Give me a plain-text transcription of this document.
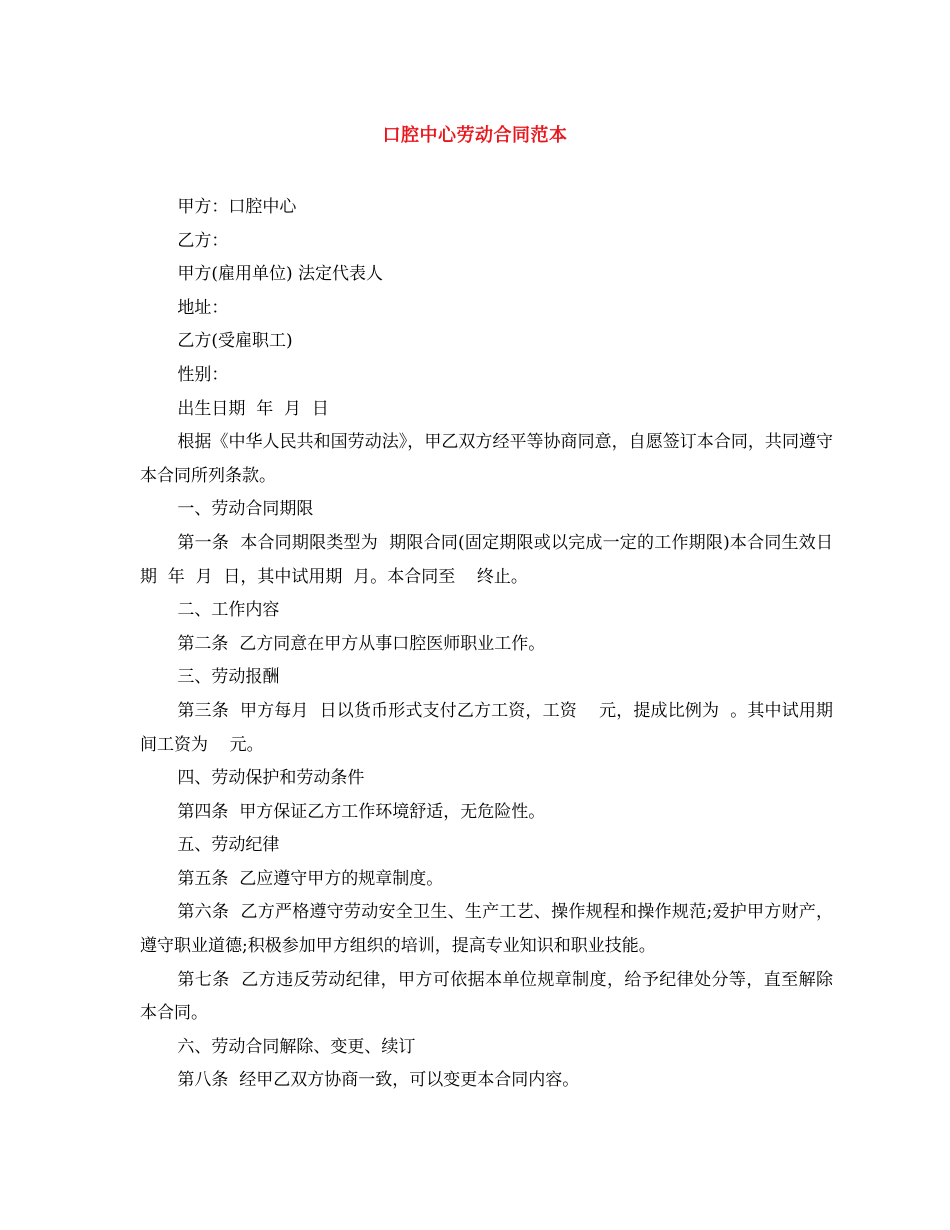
口腔中心劳动合同范本

甲方：口腔中心

乙方：

甲方(雇用单位) 法定代表人

地址：

乙方(受雇职工)

性别：

出生日期  年  月  日

根据《中华人民共和国劳动法》，甲乙双方经平等协商同意，自愿签订本合同，共同遵守本合同所列条款。

一、劳动合同期限

第一条  本合同期限类型为  期限合同(固定期限或以完成一定的工作期限)本合同生效日期  年  月  日，其中试用期  月。本合同至    终止。

二、工作内容

第二条  乙方同意在甲方从事口腔医师职业工作。

三、劳动报酬

第三条  甲方每月  日以货币形式支付乙方工资，工资    元，提成比例为  。其中试用期间工资为    元。

四、劳动保护和劳动条件

第四条  甲方保证乙方工作环境舒适，无危险性。

五、劳动纪律

第五条  乙应遵守甲方的规章制度。

第六条  乙方严格遵守劳动安全卫生、生产工艺、操作规程和操作规范;爱护甲方财产，遵守职业道德;积极参加甲方组织的培训，提高专业知识和职业技能。

第七条  乙方违反劳动纪律，甲方可依据本单位规章制度，给予纪律处分等，直至解除本合同。

六、劳动合同解除、变更、续订

第八条  经甲乙双方协商一致，可以变更本合同内容。
